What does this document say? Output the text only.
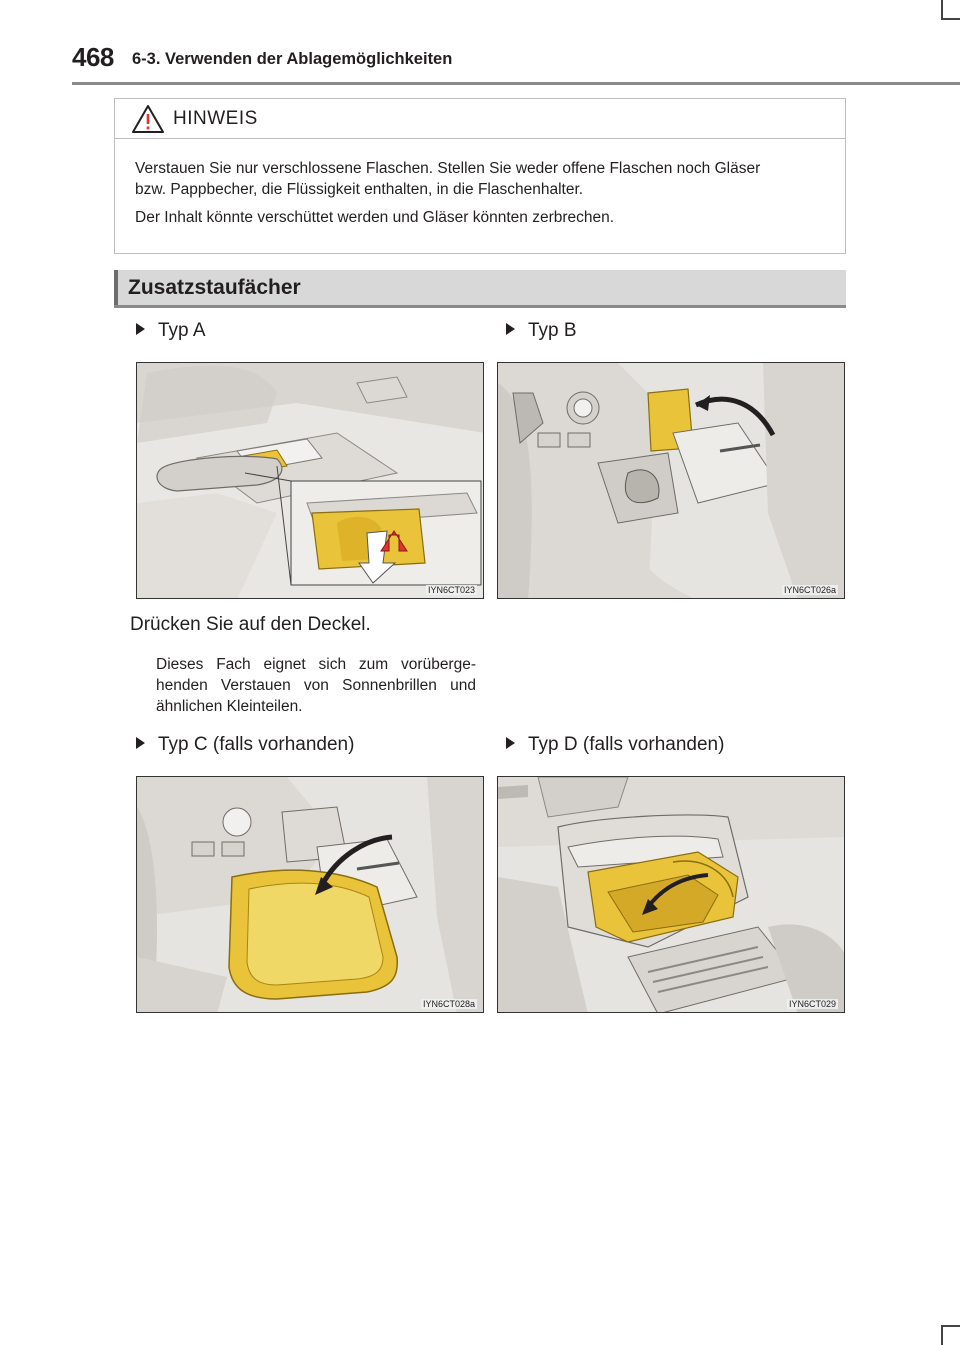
468 6-3. Verwenden der Ablagemöglichkeiten
HINWEIS
Verstauen Sie nur verschlossene Flaschen. Stellen Sie weder offene Flaschen noch Gläser
bzw. Pappbecher, die Flüssigkeit enthalten, in die Flaschenhalter.
Der Inhalt könnte verschüttet werden und Gläser könnten zerbrechen.
Zusatzstaufächer
Typ A	Typ B
IYN6CT023	IYN6CT026a
Drücken Sie auf den Deckel.
Dieses Fach eignet sich zum vorüberge-henden Verstauen von Sonnenbrillen und ähnlichen Kleinteilen.
Typ C (falls vorhanden)	Typ D (falls vorhanden)
IYN6CT028a	IYN6CT029
